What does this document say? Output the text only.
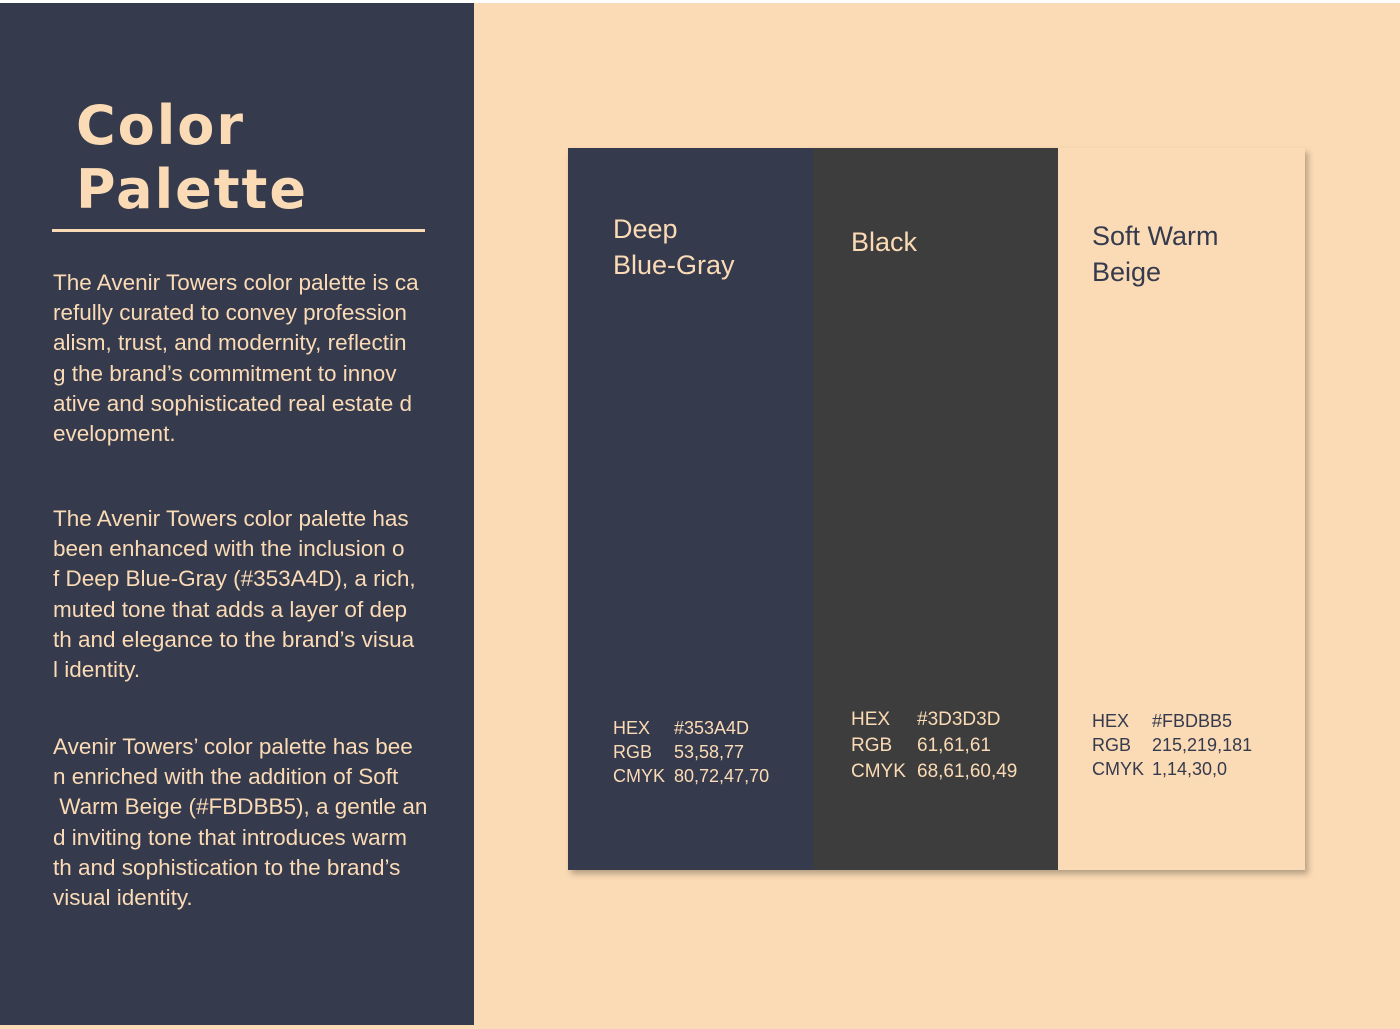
Color
Palette

The Avenir Towers color palette is ca
refully curated to convey profession
alism, trust, and modernity, reflectin
g the brand’s commitment to innov
ative and sophisticated real estate d
evelopment.

The Avenir Towers color palette has
been enhanced with the inclusion o
f Deep Blue-Gray (#353A4D), a rich,
muted tone that adds a layer of dep
th and elegance to the brand’s visua
l identity.

Avenir Towers’ color palette has bee
n enriched with the addition of Soft
Warm Beige (#FBDBB5), a gentle an
d inviting tone that introduces warm
th and sophistication to the brand’s
visual identity.

Deep
Blue-Gray

HEX	#353A4D
RGB	53,58,77
CMYK 80,72,47,70

Black

HEX	#3D3D3D
RGB	61,61,61
CMYK 68,61,60,49

Soft Warm
Beige

HEX	#FBDBB5
RGB	215,219,181
CMYK 1,14,30,0
